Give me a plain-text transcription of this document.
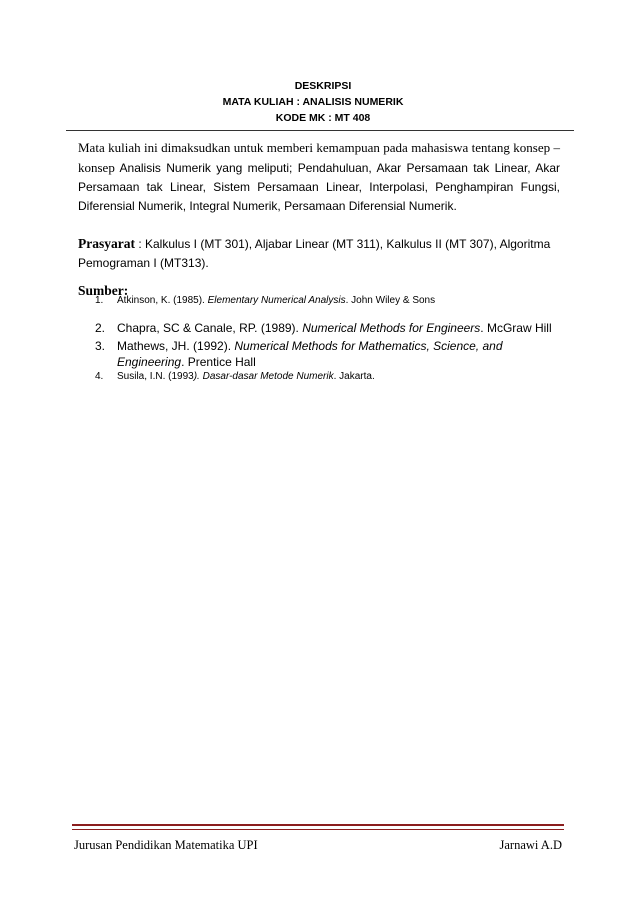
DESKRIPSI
MATA KULIAH : ANALISIS NUMERIK
KODE MK : MT 408
Mata kuliah ini dimaksudkan untuk memberi kemampuan pada mahasiswa tentang konsep – konsep Analisis Numerik yang meliputi; Pendahuluan, Akar Persamaan tak Linear, Akar Persamaan tak Linear, Sistem Persamaan Linear, Interpolasi, Penghampiran Fungsi, Diferensial Numerik, Integral Numerik, Persamaan Diferensial Numerik.
Prasyarat : Kalkulus I (MT 301), Aljabar Linear (MT 311), Kalkulus II (MT 307), Algoritma Pemograman I (MT313).
Sumber:
1. Atkinson, K. (1985). Elementary Numerical Analysis. John Wiley & Sons
2. Chapra, SC & Canale, RP. (1989). Numerical Methods for Engineers. McGraw Hill
3. Mathews, JH. (1992). Numerical Methods for Mathematics, Science, and Engineering. Prentice Hall
4. Susila, I.N. (1993). Dasar-dasar Metode Numerik. Jakarta.
Jurusan Pendidikan Matematika UPI	Jarnawi A.D
